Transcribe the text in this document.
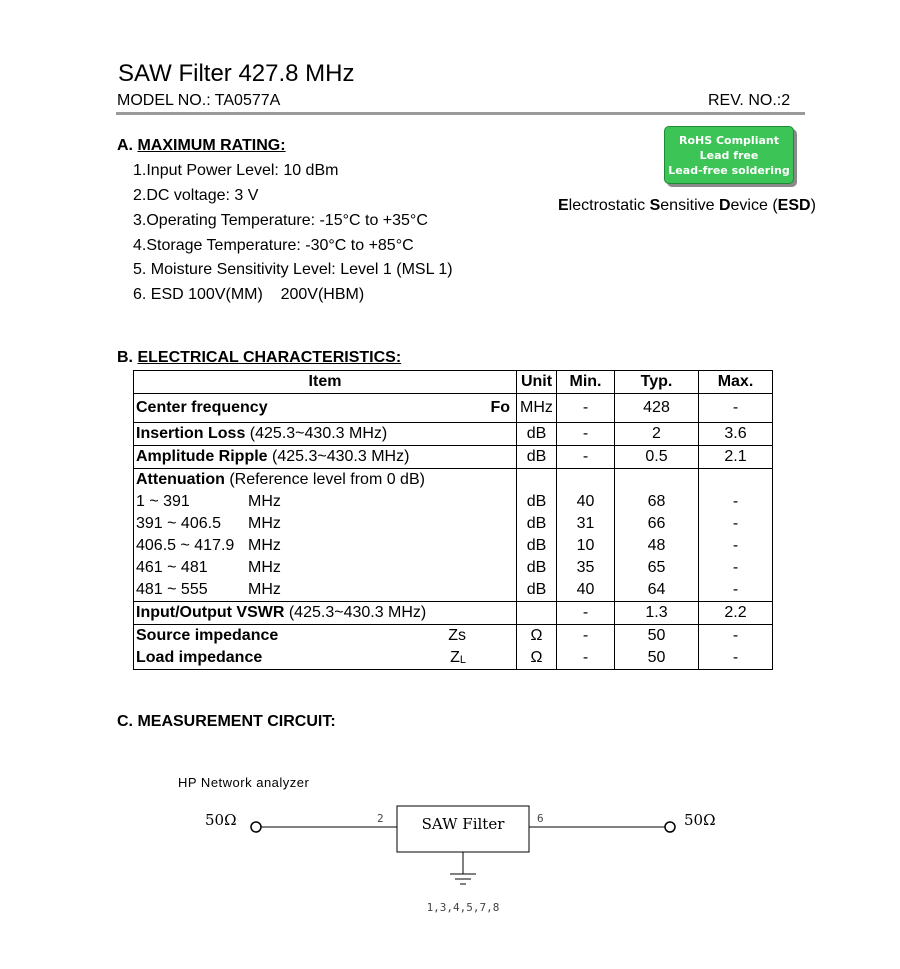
SAW Filter 427.8 MHz
MODEL NO.: TA0577A	REV. NO.:2
A. MAXIMUM RATING:
1.Input Power Level: 10 dBm
2.DC voltage: 3 V
3.Operating Temperature: -15°C to +35°C
4.Storage Temperature: -30°C to +85°C
5. Moisture Sensitivity Level: Level 1 (MSL 1)
6. ESD 100V(MM)    200V(HBM)
RoHS Compliant
Lead free
Lead-free soldering
Electrostatic Sensitive Device (ESD)
B. ELECTRICAL CHARACTERISTICS:
Item	Unit	Min.	Typ.	Max.

Center frequency Fo	MHz	-	428	-
Insertion Loss (425.3~430.3 MHz)	dB	-	2	3.6
Amplitude Ripple (425.3~430.3 MHz)	dB	-	0.5	2.1
Attenuation (Reference level from 0 dB)				
1 ~ 391 MHz	dB	40	68	-
391 ~ 406.5 MHz	dB	31	66	-
406.5 ~ 417.9 MHz	dB	10	48	-
461 ~ 481 MHz	dB	35	65	-
481 ~ 555 MHz	dB	40	64	-
Input/Output VSWR (425.3~430.3 MHz)		-	1.3	2.2

Source impedance Zs	Ω	-	50	-

Load impedance $Z_L$	Ω	-	50	-
C. MEASUREMENT CIRCUIT:
HP Network analyzer
50Ω	2	SAW Filter	6	50Ω
1,3,4,5,7,8
